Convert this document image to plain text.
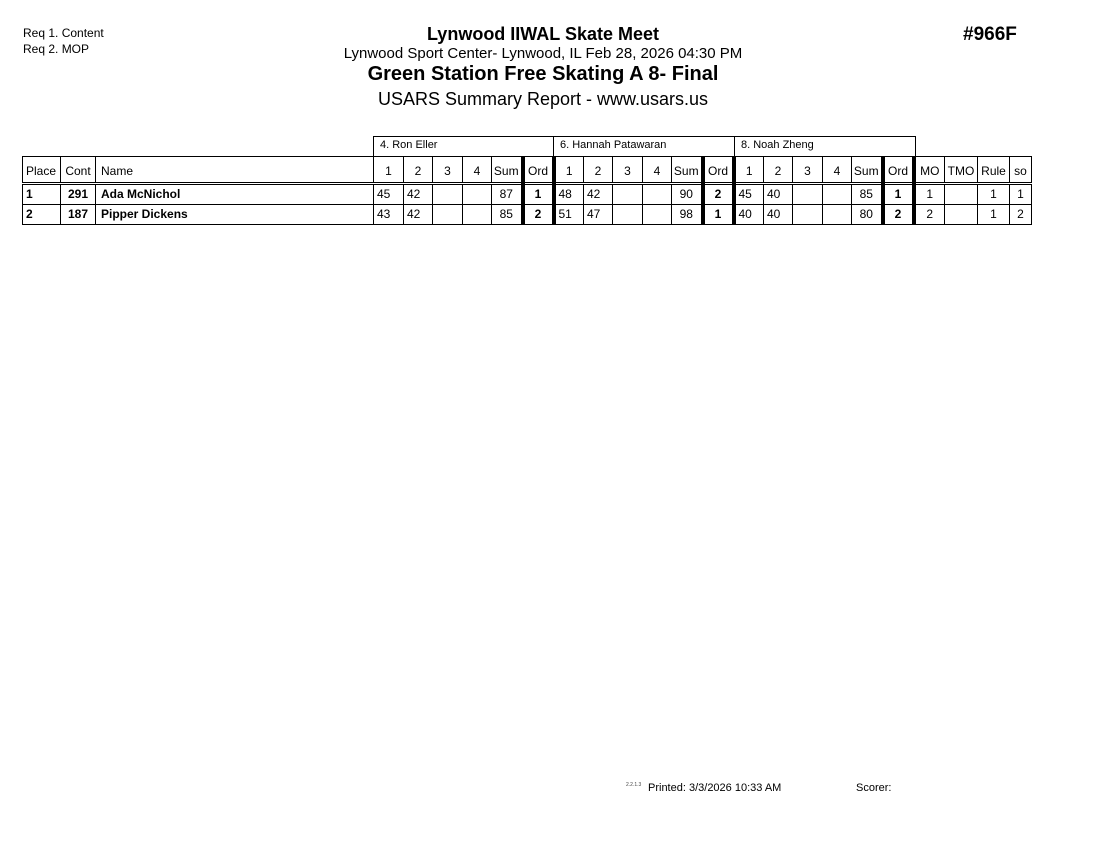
Req 1. Content
Req 2. MOP
Lynwood IIWAL Skate Meet
Lynwood Sport Center- Lynwood, IL Feb 28, 2026 04:30 PM
Green Station Free Skating A 8- Final
USARS Summary Report - www.usars.us
#966F
4. Ron Eller	6. Hannah Patawaran	8. Noah Zheng
Place	Cont	Name	1	2	3	4	Sum	Ord	1	2	3	4	Sum	Ord	1	2	3	4	Sum	Ord	MO	TMO	Rule	so
1	291	Ada McNichol	45	42			87	1	48	42			90	2	45	40			85	1	1		1	1
2	187	Pipper Dickens	43	42			85	2	51	47			98	1	40	40			80	2	2		1	2
2.2.1.3 Printed: 3/3/2026 10:33 AM	Scorer:
